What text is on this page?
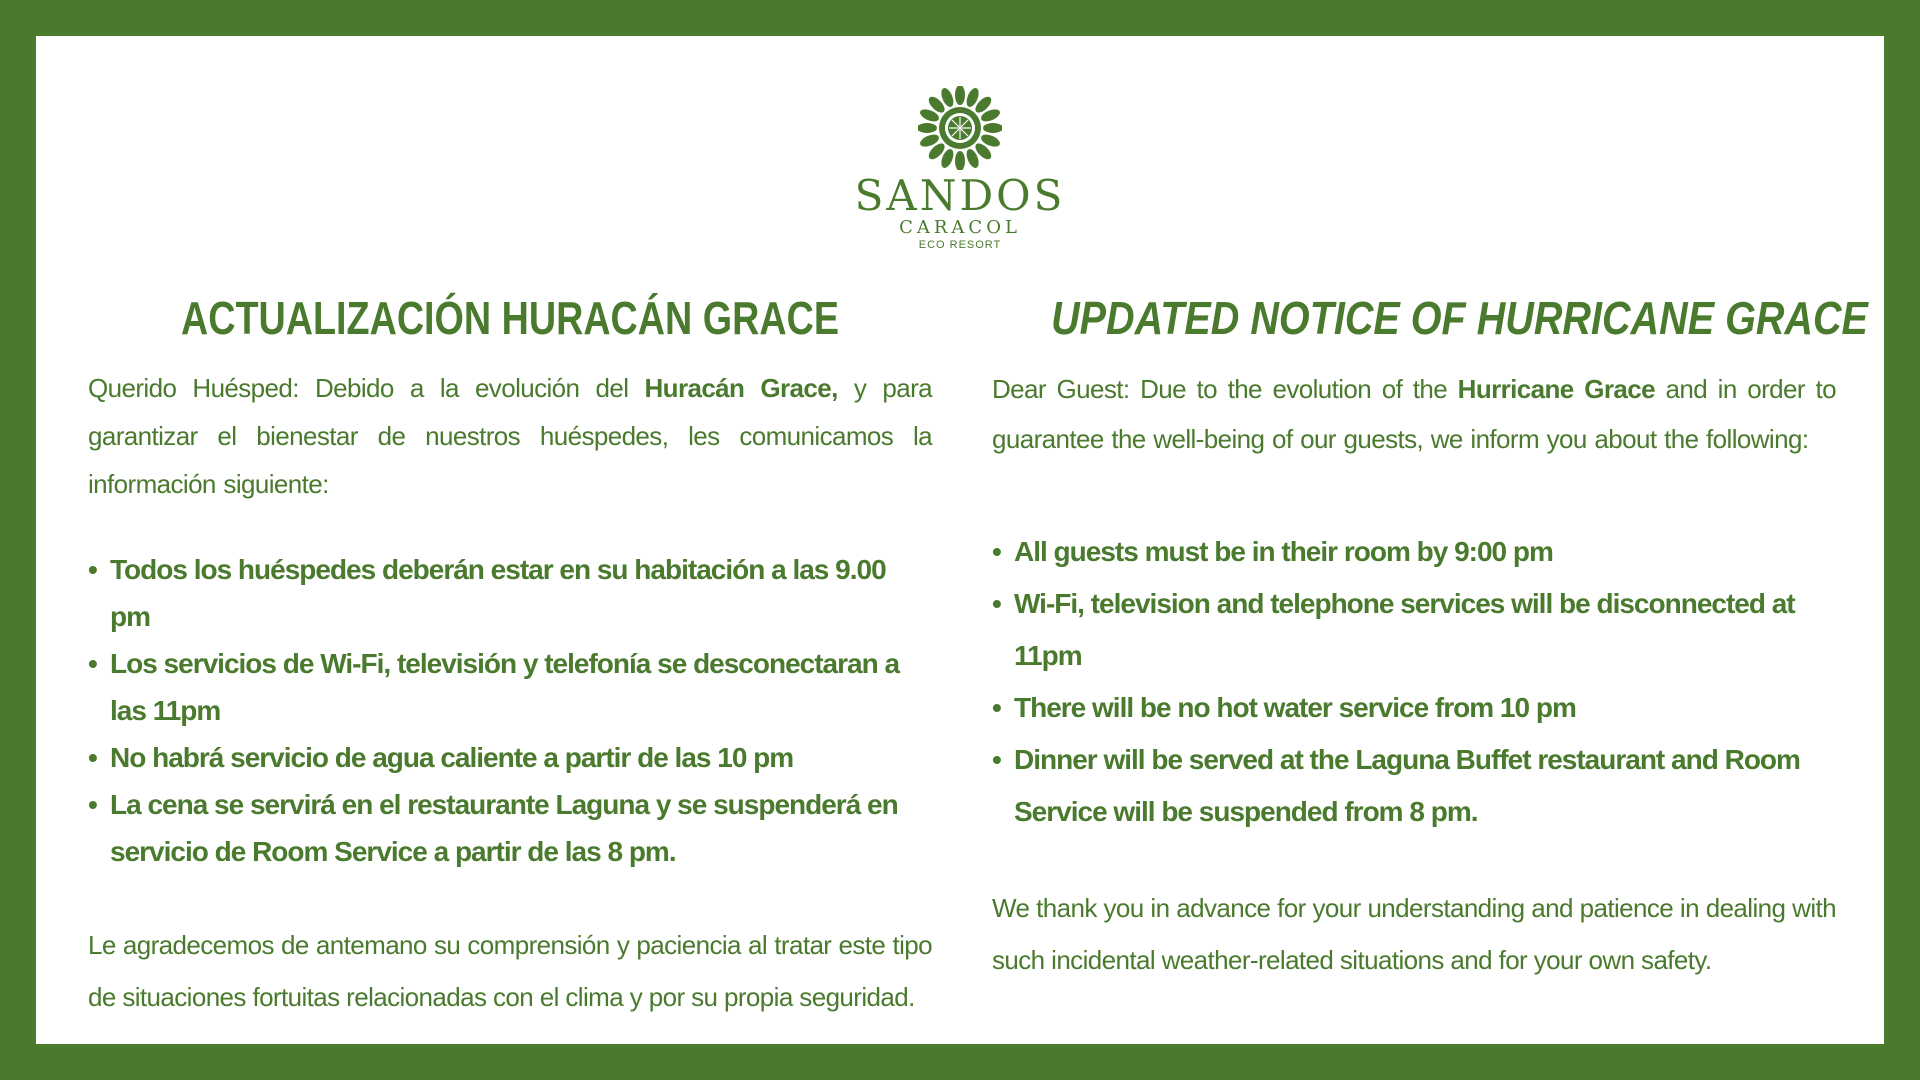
SANDOS
CARACOL
ECO RESORT
ACTUALIZACIÓN HURACÁN GRACE

Querido Huésped: Debido a la evolución del Huracán Grace, y para garantizar el bienestar de nuestros huéspedes, les comunicamos la información siguiente:

• Todos los huéspedes deberán estar en su habitación a las 9.00 pm
• Los servicios de Wi-Fi, televisión y telefonía se desconectaran a las 11pm
• No habrá servicio de agua caliente a partir de las 10 pm
• La cena se servirá en el restaurante Laguna y se suspenderá en servicio de Room Service a partir de las 8 pm.

Le agradecemos de antemano su comprensión y paciencia al tratar este tipo de situaciones fortuitas relacionadas con el clima y por su propia seguridad.

UPDATED NOTICE OF HURRICANE GRACE

Dear Guest: Due to the evolution of the Hurricane Grace and in order to guarantee the well-being of our guests, we inform you about the following:

• All guests must be in their room by 9:00 pm
• Wi-Fi, television and telephone services will be disconnected at 11pm
• There will be no hot water service from 10 pm
• Dinner will be served at the Laguna Buffet restaurant and Room Service will be suspended from 8 pm.

We thank you in advance for your understanding and patience in dealing with such incidental weather-related situations and for your own safety.
